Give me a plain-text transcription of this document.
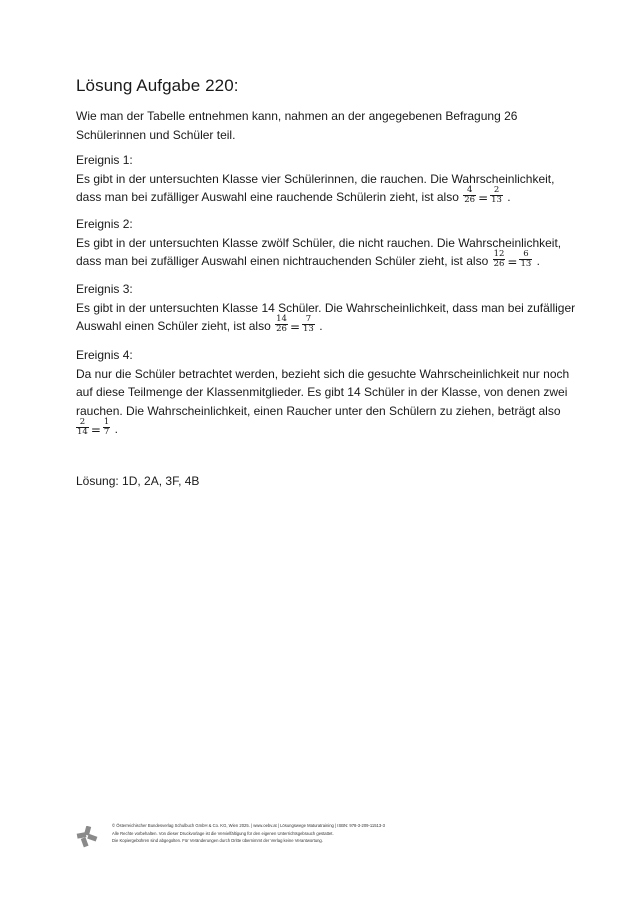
Lösung Aufgabe 220:

Wie man der Tabelle entnehmen kann, nahmen an der angegebenen Befragung 26

Schülerinnen und Schüler teil.

Ereignis 1:

Es gibt in der untersuchten Klasse vier Schülerinnen, die rauchen. Die Wahrscheinlichkeit,

dass man bei zufälliger Auswahl eine rauchende Schülerin zieht, ist also $\frac{4}{26} = \frac{2}{13}$ .

Ereignis 2:

Es gibt in der untersuchten Klasse zwölf Schüler, die nicht rauchen. Die Wahrscheinlichkeit,

dass man bei zufälliger Auswahl einen nichtrauchenden Schüler zieht, ist also $\frac{12}{26} = \frac{6}{13}$ .

Ereignis 3:

Es gibt in der untersuchten Klasse 14 Schüler. Die Wahrscheinlichkeit, dass man bei zufälliger

Auswahl einen Schüler zieht, ist also $\frac{14}{26} = \frac{7}{13}$ .

Ereignis 4:

Da nur die Schüler betrachtet werden, bezieht sich die gesuchte Wahrscheinlichkeit nur noch

auf diese Teilmenge der Klassenmitglieder. Es gibt 14 Schüler in der Klasse, von denen zwei

rauchen. Die Wahrscheinlichkeit, einen Raucher unter den Schülern zu ziehen, beträgt also

$\frac{2}{14} = \frac{1}{7}$ .

Lösung: 1D, 2A, 3F, 4B
© Österreichischer Bundesverlag Schulbuch GmbH & Co. KG, Wien 2025. | www.oebv.at | Lösungswege Maturatraining | ISBN: 978-3-209-11513-3
Alle Rechte vorbehalten. Von dieser Druckvorlage ist die Vervielfältigung für den eigenen Unterrichtsgebrauch gestattet.
Die Kopiergebühren sind abgegolten. Für Veränderungen durch Dritte übernimmt der Verlag keine Verantwortung.
